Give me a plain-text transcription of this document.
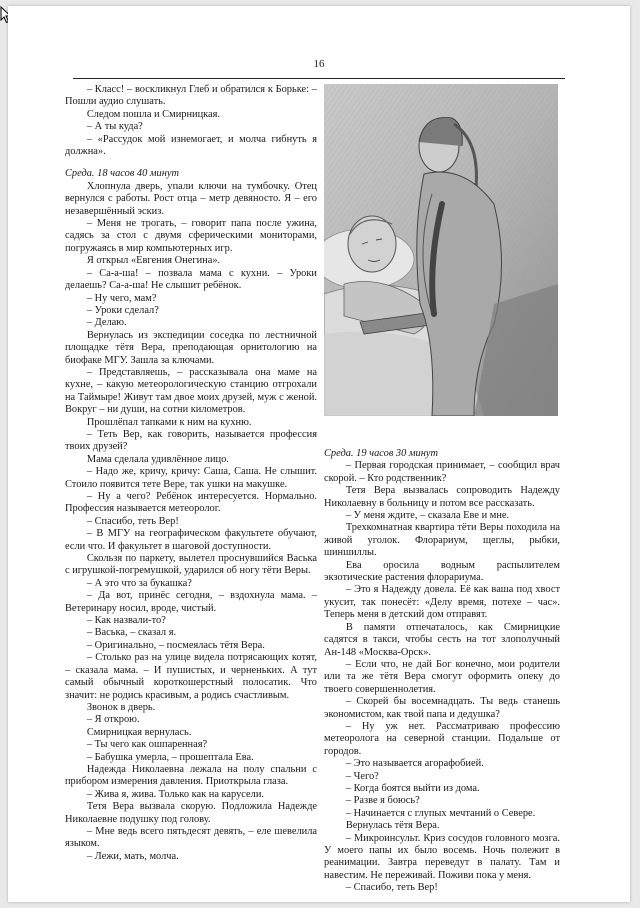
16

– Класс! – воскликнул Глеб и обратился к Борьке: – Пошли аудио слушать.

Следом пошла и Смирницкая.

– А ты куда?

– «Рассудок мой изнемогает, и молча гибнуть я должна».

Среда. 18 часов 40 минут

Хлопнула дверь, упали ключи на тумбочку. Отец вернулся с работы. Рост отца – метр девяносто. Я – его незавершённый эскиз.

– Меня не трогать, – говорит папа после ужина, садясь за стол с двумя сферическими мониторами, погружаясь в мир компьютерных игр.

Я открыл «Евгения Онегина».

– Са-а-ша! – позвала мама с кухни. – Уроки делаешь? Са-а-ша! Не слышит ребёнок.

– Ну чего, мам?

– Уроки сделал?

– Делаю.

Вернулась из экспедиции соседка по лестничной площадке тётя Вера, преподающая орнитологию на биофаке МГУ. Зашла за ключами.

– Представляешь, – рассказывала она маме на кухне, – какую метеорологическую станцию отгрохали на Таймыре! Живут там двое моих друзей, муж с женой. Вокруг – ни души, на сотни километров.

Прошлёпал тапками к ним на кухню.

– Теть Вер, как говорить, называется профессия твоих друзей?

Мама сделала удивлённое лицо.

– Надо же, кричу, кричу: Саша, Саша. Не слышит. Стоило появится тете Вере, так ушки на макушке.

– Ну а чего? Ребёнок интересуется. Нормально. Профессия называется метеоролог.

– Спасибо, теть Вер!

– В МГУ на географическом факультете обучают, если что. И факультет в шаговой доступности.

Скользя по паркету, вылетел проснувшийся Васька с игрушкой-погремушкой, ударился об ногу тёти Веры.

– А это что за букашка?

– Да вот, принёс сегодня, – вздохнула мама. – Ветеринару носил, вроде, чистый.

– Как назвали-то?

– Васька, – сказал я.

– Оригинально, – посмеялась тётя Вера.

– Столько раз на улице видела потрясающих котят, – сказала мама. – И пушистых, и черненьких. А тут самый обычный короткошерстный полосатик. Что значит: не родись красивым, а родись счастливым.

Звонок в дверь.

– Я открою.

Смирницкая вернулась.

– Ты чего как ошпаренная?

– Бабушка умерла, – прошептала Ева.

Надежда Николаевна лежала на полу спальни с прибором измерения давления. Приоткрыла глаза.

– Жива я, жива. Только как на карусели.

Тетя Вера вызвала скорую. Подложила Надежде Николаевне подушку под голову.

– Мне ведь всего пятьдесят девять, – еле шевелила языком.

– Лежи, мать, молча.

Среда. 19 часов 30 минут

– Первая городская принимает, – сообщил врач скорой. – Кто родственник?

Тетя Вера вызвалась сопроводить Надежду Николаевну в больницу и потом все рассказать.

– У меня ждите, – сказала Еве и мне.

Трехкомнатная квартира тёти Веры походила на живой уголок. Флорариум, щеглы, рыбки, шиншиллы.

Ева оросила водным распылителем экзотические растения флорариума.

– Это я Надежду довела. Её как ваша под хвост укусит, так понесёт: «Делу время, потехе – час». Теперь меня в детский дом отправят.

В памяти отпечаталось, как Смирницкие садятся в такси, чтобы сесть на тот злополучный Ан-148 «Москва-Орск».

– Если что, не дай Бог конечно, мои родители или та же тётя Вера смогут оформить опеку до твоего совершеннолетия.

– Скорей бы восемнадцать. Ты ведь станешь экономистом, как твой папа и дедушка?

– Ну уж нет. Рассматриваю профессию метеоролога на северной станции. Подальше от городов.

– Это называется агорафобией.

– Чего?

– Когда боятся выйти из дома.

– Разве я боюсь?

– Начинается с глупых мечтаний о Севере.

Вернулась тётя Вера.

– Микроинсульт. Криз сосудов головного мозга. У моего папы их было восемь. Ночь полежит в реанимации. Завтра переведут в палату. Там и навестим. Не переживай. Поживи пока у меня.

– Спасибо, теть Вер!
